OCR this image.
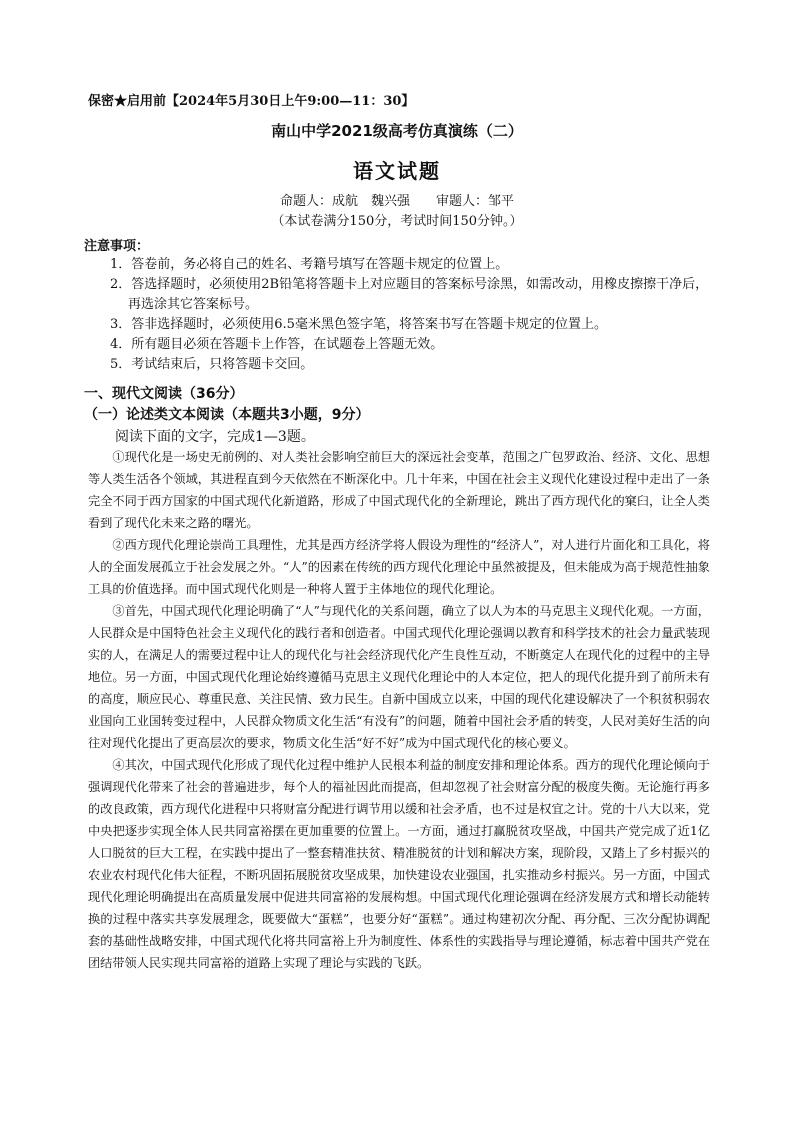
保密★启用前【2024年5月30日上午9:00—11：30】
南山中学2021级高考仿真演练（二）
语文试题
命题人：成航　魏兴强　　审题人：邹平
（本试卷满分150分，考试时间150分钟。）
注意事项：

1．答卷前，务必将自己的姓名、考籍号填写在答题卡规定的位置上。

2．答选择题时，必须使用2B铅笔将答题卡上对应题目的答案标号涂黑，如需改动，用橡皮擦擦干净后，再选涂其它答案标号。

3．答非选择题时，必须使用6.5毫米黑色签字笔，将答案书写在答题卡规定的位置上。

4．所有题目必须在答题卡上作答，在试题卷上答题无效。

5．考试结束后，只将答题卡交回。

一、现代文阅读（36分）
（一）论述类文本阅读（本题共3小题，9分）
阅读下面的文字，完成1—3题。

①现代化是一场史无前例的、对人类社会影响空前巨大的深远社会变革，范围之广包罗政治、经济、文化、思想等人类生活各个领域，其进程直到今天依然在不断深化中。几十年来，中国在社会主义现代化建设过程中走出了一条完全不同于西方国家的中国式现代化新道路，形成了中国式现代化的全新理论，跳出了西方现代化的窠臼，让全人类看到了现代化未来之路的曙光。

②西方现代化理论崇尚工具理性，尤其是西方经济学将人假设为理性的“经济人”，对人进行片面化和工具化，将人的全面发展孤立于社会发展之外。“人”的因素在传统的西方现代化理论中虽然被提及，但未能成为高于规范性抽象工具的价值选择。而中国式现代化则是一种将人置于主体地位的现代化理论。

③首先，中国式现代化理论明确了“人”与现代化的关系问题，确立了以人为本的马克思主义现代化观。一方面，人民群众是中国特色社会主义现代化的践行者和创造者。中国式现代化理论强调以教育和科学技术的社会力量武装现实的人，在满足人的需要过程中让人的现代化与社会经济现代化产生良性互动，不断奠定人在现代化的过程中的主导地位。另一方面，中国式现代化理论始终遵循马克思主义现代化理论中的人本定位，把人的现代化提升到了前所未有的高度，顺应民心、尊重民意、关注民情、致力民生。自新中国成立以来，中国的现代化建设解决了一个积贫积弱农业国向工业国转变过程中，人民群众物质文化生活“有没有”的问题，随着中国社会矛盾的转变，人民对美好生活的向往对现代化提出了更高层次的要求，物质文化生活“好不好”成为中国式现代化的核心要义。

④其次，中国式现代化形成了现代化过程中维护人民根本利益的制度安排和理论体系。西方的现代化理论倾向于强调现代化带来了社会的普遍进步，每个人的福祉因此而提高，但却忽视了社会财富分配的极度失衡。无论施行再多的改良政策，西方现代化进程中只将财富分配进行调节用以缓和社会矛盾，也不过是权宜之计。党的十八大以来，党中央把逐步实现全体人民共同富裕摆在更加重要的位置上。一方面，通过打赢脱贫攻坚战，中国共产党完成了近1亿人口脱贫的巨大工程，在实践中提出了一整套精准扶贫、精准脱贫的计划和解决方案，现阶段，又踏上了乡村振兴的农业农村现代化伟大征程，不断巩固拓展脱贫攻坚成果，加快建设农业强国，扎实推动乡村振兴。另一方面，中国式现代化理论明确提出在高质量发展中促进共同富裕的发展构想。中国式现代化理论强调在经济发展方式和增长动能转换的过程中落实共享发展理念，既要做大“蛋糕”，也要分好“蛋糕”。通过构建初次分配、再分配、三次分配协调配套的基础性战略安排，中国式现代化将共同富裕上升为制度性、体系性的实践指导与理论遵循，标志着中国共产党在团结带领人民实现共同富裕的道路上实现了理论与实践的飞跃。
